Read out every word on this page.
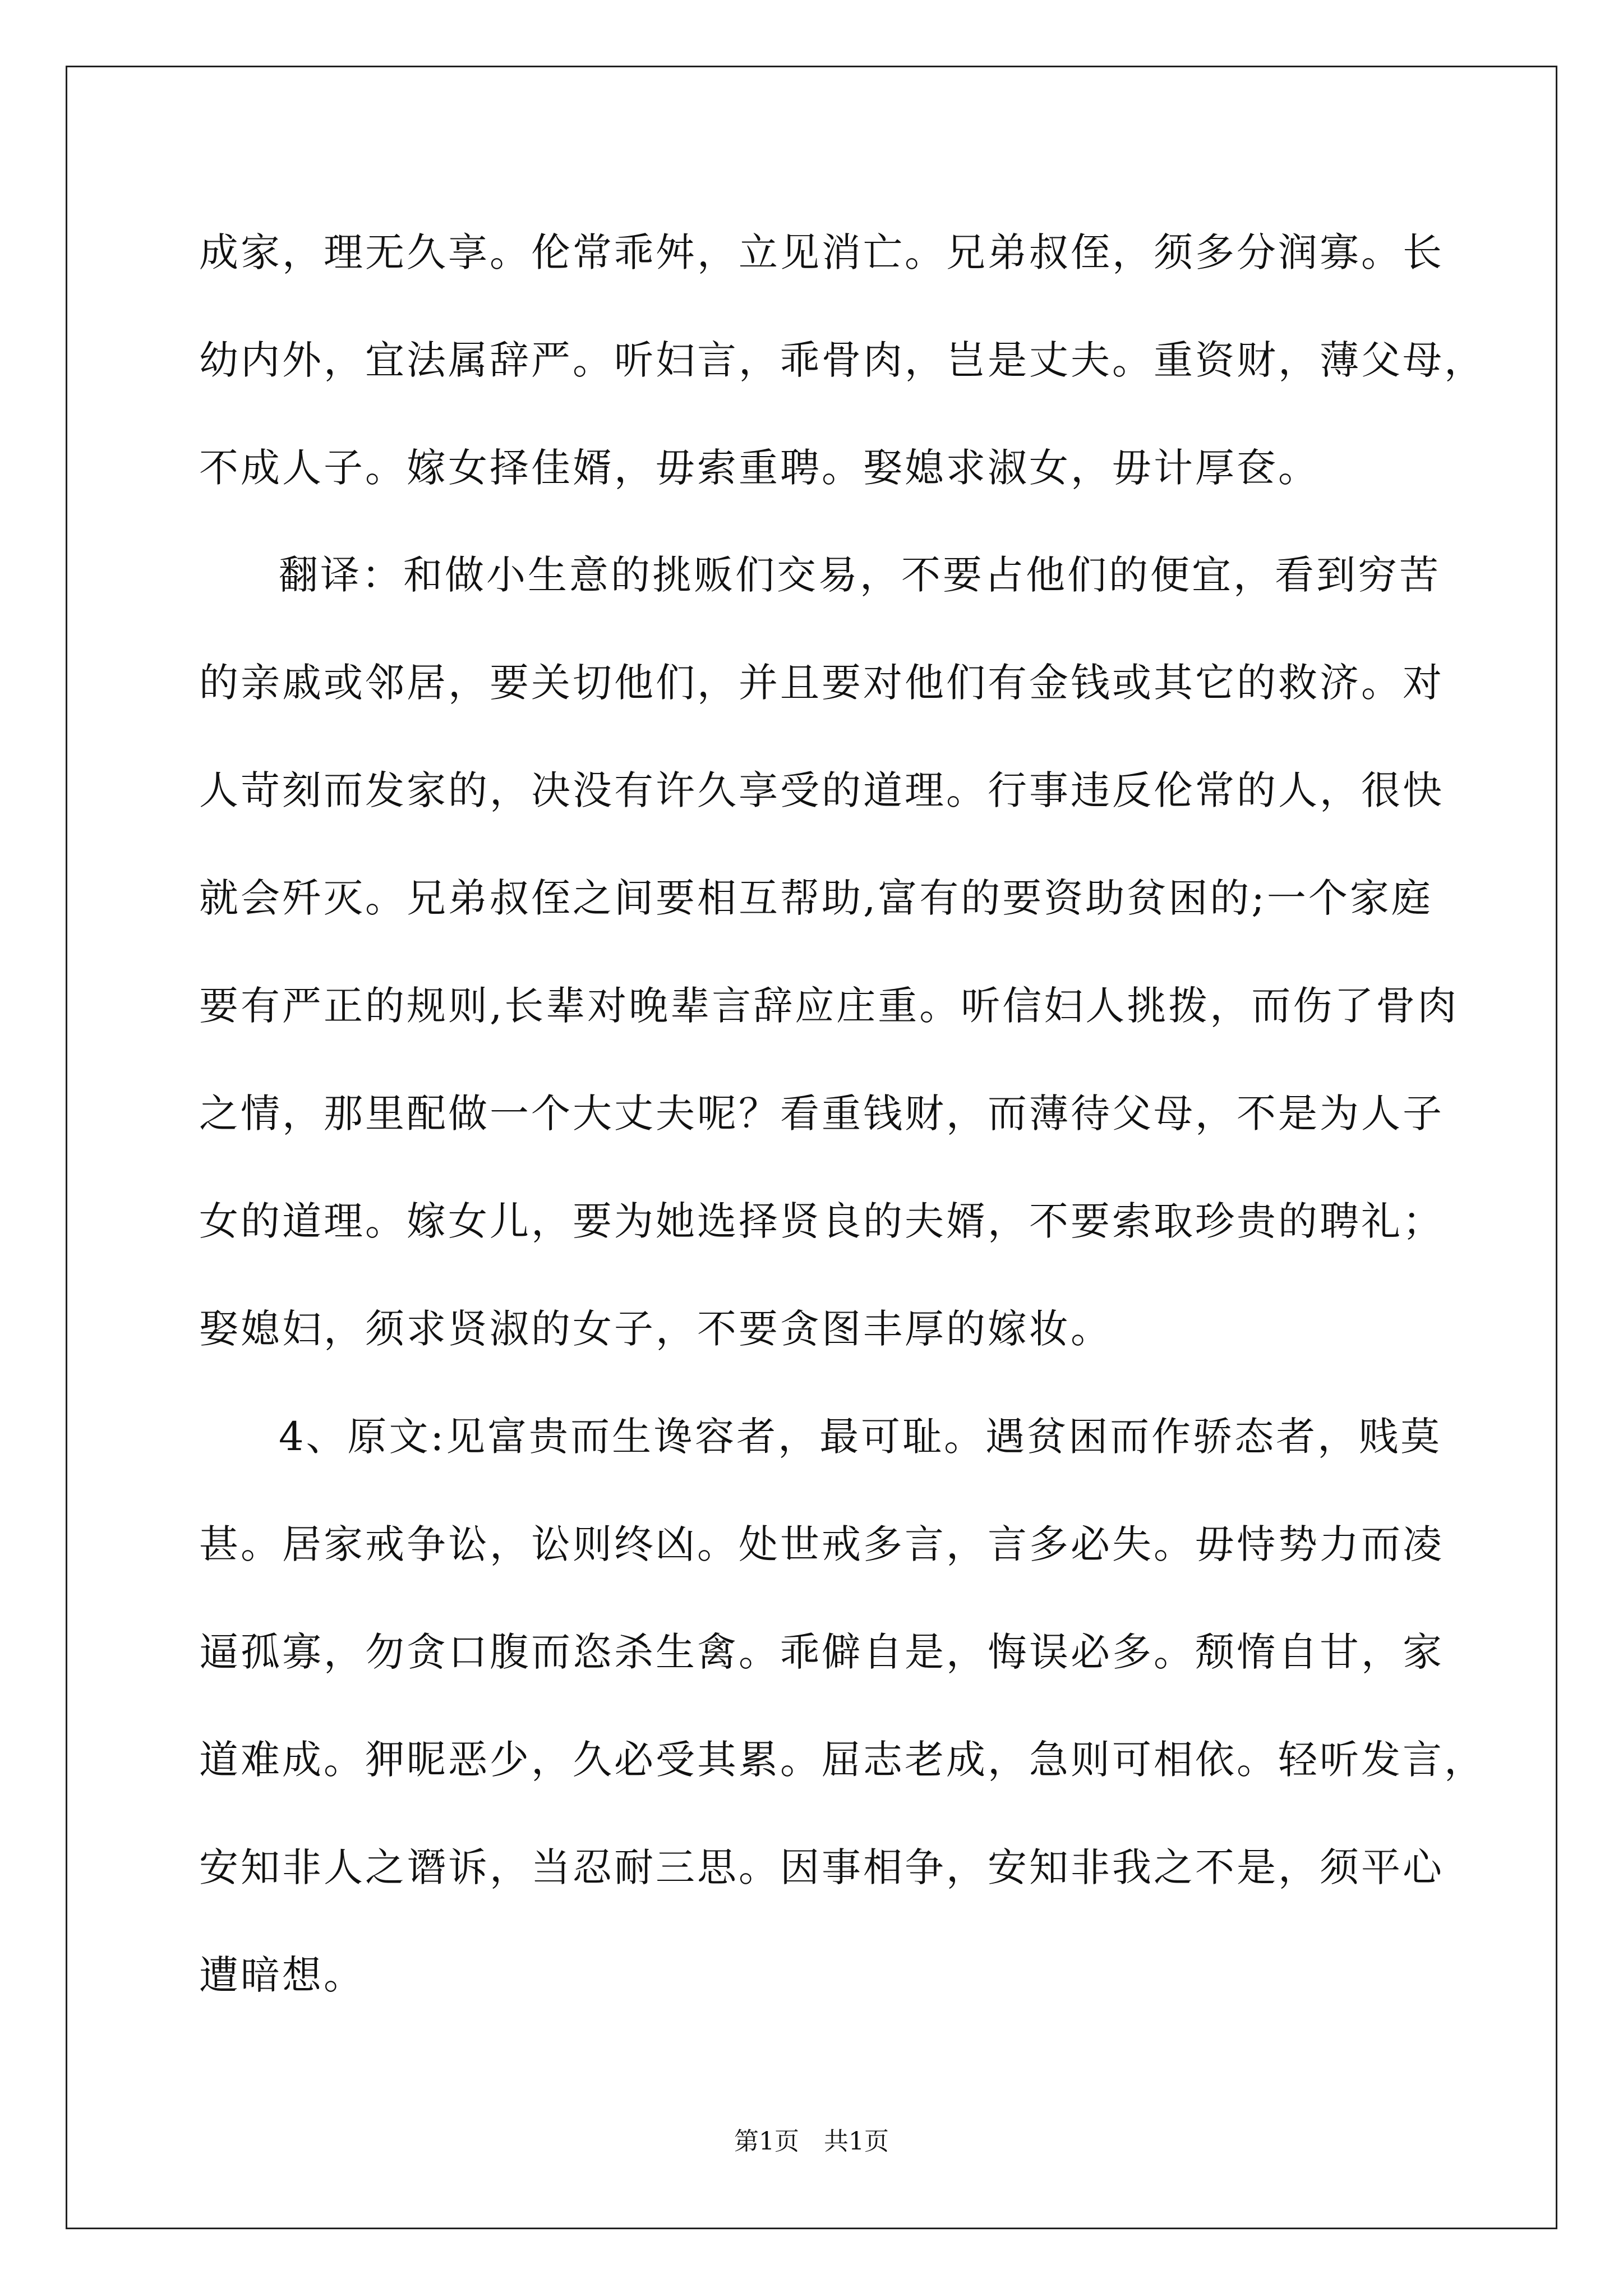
成家，理无久享。伦常乖舛，立见消亡。兄弟叔侄，须多分润寡。长
幼内外，宜法属辞严。听妇言，乖骨肉，岂是丈夫。重资财，薄父母，
不成人子。嫁女择佳婿，毋索重聘。娶媳求淑女，毋计厚奁。
翻译：和做小生意的挑贩们交易，不要占他们的便宜，看到穷苦
的亲戚或邻居，要关切他们，并且要对他们有金钱或其它的救济。对
人苛刻而发家的，决没有许久享受的道理。行事违反伦常的人，很快
就会歼灭。兄弟叔侄之间要相互帮助,富有的要资助贫困的;一个家庭
要有严正的规则,长辈对晚辈言辞应庄重。听信妇人挑拨，而伤了骨肉
之情，那里配做一个大丈夫呢？看重钱财，而薄待父母，不是为人子
女的道理。嫁女儿，要为她选择贤良的夫婿，不要索取珍贵的聘礼；
娶媳妇，须求贤淑的女子，不要贪图丰厚的嫁妆。
4、原文:见富贵而生谗容者，最可耻。遇贫困而作骄态者，贱莫
甚。居家戒争讼，讼则终凶。处世戒多言，言多必失。毋恃势力而凌
逼孤寡，勿贪口腹而恣杀生禽。乖僻自是，悔误必多。颓惰自甘，家
道难成。狎昵恶少，久必受其累。屈志老成，急则可相依。轻听发言，
安知非人之谮诉，当忍耐三思。因事相争，安知非我之不是，须平心
遭暗想。
第1页　共1页
